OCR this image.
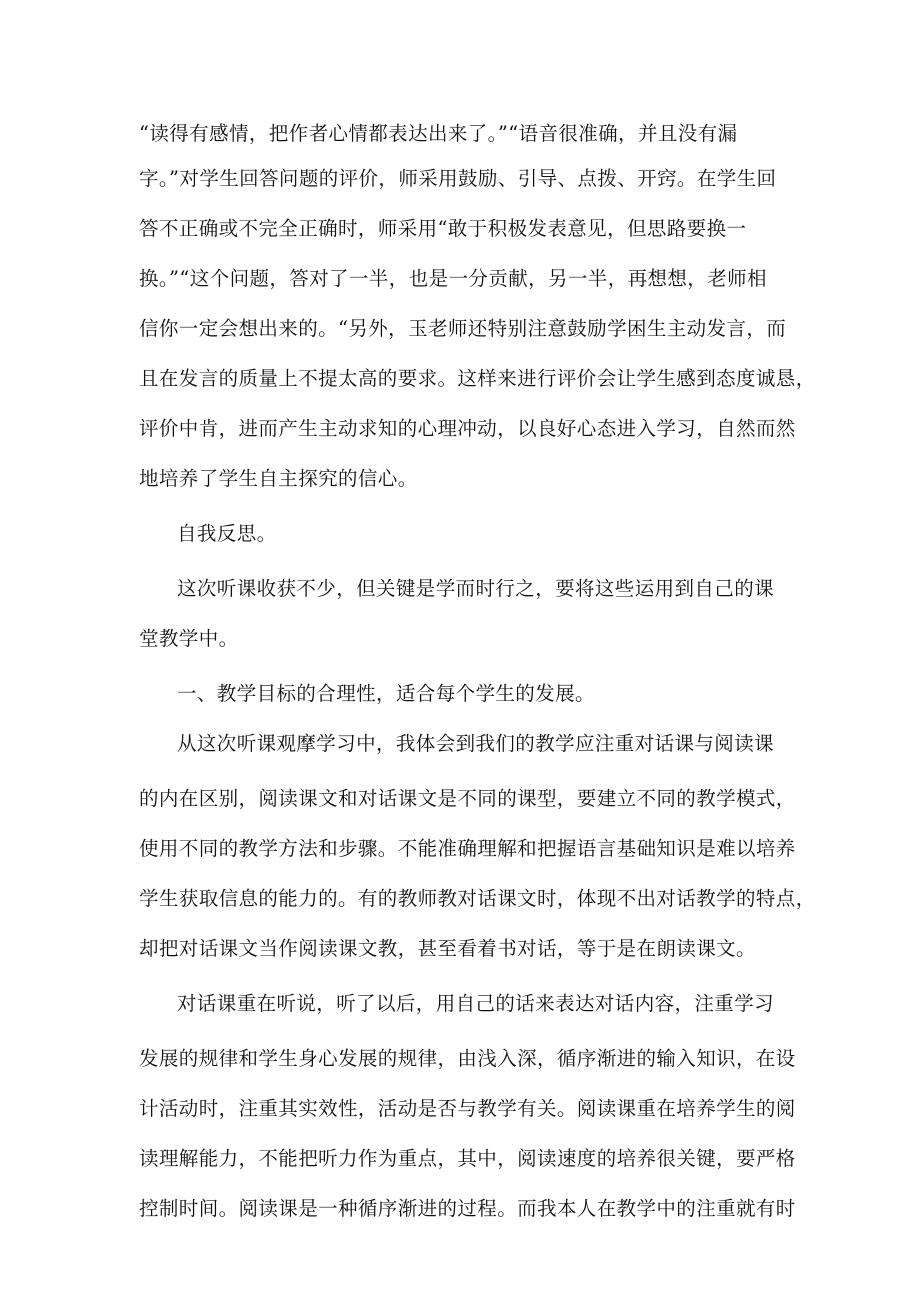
“读得有感情，把作者心情都表达出来了。”“语音很准确，并且没有漏
字。”对学生回答问题的评价，师采用鼓励、引导、点拨、开窍。在学生回
答不正确或不完全正确时，师采用“敢于积极发表意见，但思路要换一
换。”“这个问题，答对了一半，也是一分贡献，另一半，再想想，老师相
信你一定会想出来的。“另外，玉老师还特别注意鼓励学困生主动发言，而
且在发言的质量上不提太高的要求。这样来进行评价会让学生感到态度诚恳，
评价中肯，进而产生主动求知的心理冲动，以良好心态进入学习，自然而然
地培养了学生自主探究的信心。
自我反思。
这次听课收获不少，但关键是学而时行之，要将这些运用到自己的课
堂教学中。
一、教学目标的合理性，适合每个学生的发展。
从这次听课观摩学习中，我体会到我们的教学应注重对话课与阅读课
的内在区别，阅读课文和对话课文是不同的课型，要建立不同的教学模式，
使用不同的教学方法和步骤。不能准确理解和把握语言基础知识是难以培养
学生获取信息的能力的。有的教师教对话课文时，体现不出对话教学的特点，
却把对话课文当作阅读课文教，甚至看着书对话，等于是在朗读课文。
对话课重在听说，听了以后，用自己的话来表达对话内容，注重学习
发展的规律和学生身心发展的规律，由浅入深，循序渐进的输入知识，在设
计活动时，注重其实效性，活动是否与教学有关。阅读课重在培养学生的阅
读理解能力，不能把听力作为重点，其中，阅读速度的培养很关键，要严格
控制时间。阅读课是一种循序渐进的过程。而我本人在教学中的注重就有时
